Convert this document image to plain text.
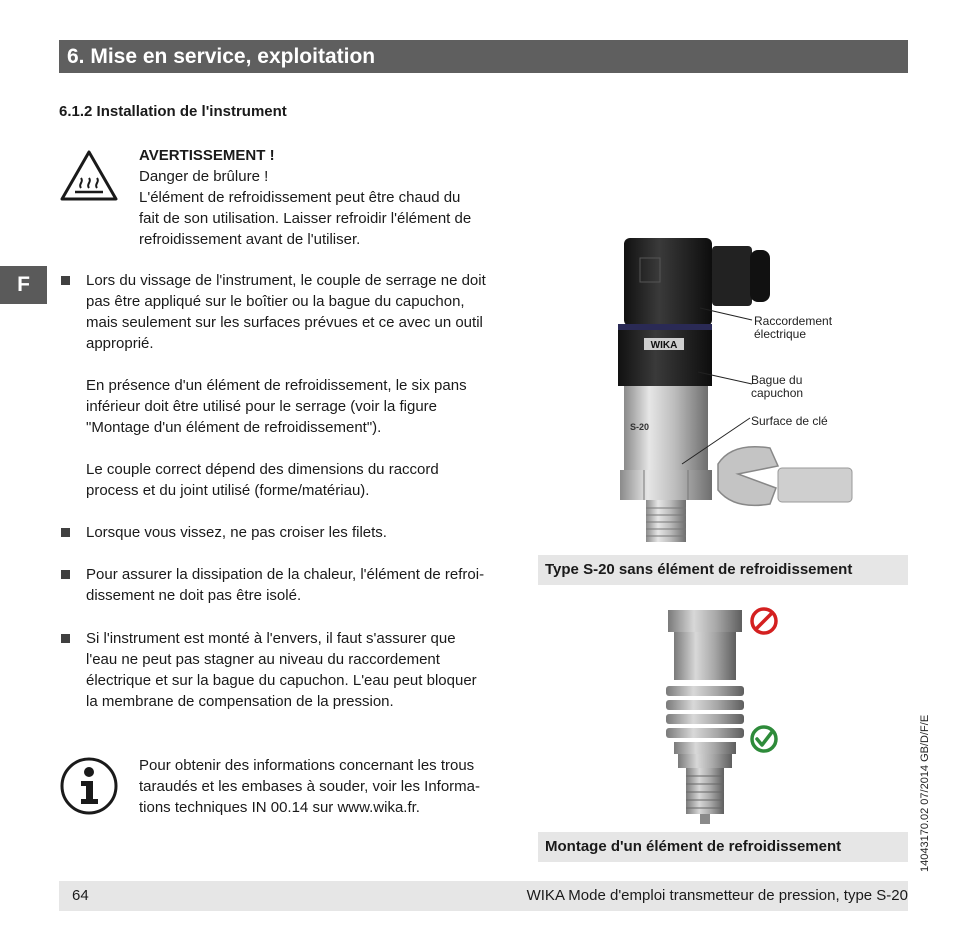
6. Mise en service, exploitation
6.1.2 Installation de l'instrument
F
AVERTISSEMENT !
Danger de brûlure !
L'élément de refroidissement peut être chaud du
fait de son utilisation. Laisser refroidir l'élément de
refroidissement avant de l'utiliser.
Lors du vissage de l'instrument, le couple de serrage ne doit
pas être appliqué sur le boîtier ou la bague du capuchon,
mais seulement sur les surfaces prévues et ce avec un outil
approprié.
En présence d'un élément de refroidissement, le six pans
inférieur doit être utilisé pour le serrage (voir la figure
"Montage d'un élément de refroidissement").
Le couple correct dépend des dimensions du raccord
process et du joint utilisé (forme/matériau).
Lorsque vous vissez, ne pas croiser les filets.
Pour assurer la dissipation de la chaleur, l'élément de refroi-
dissement ne doit pas être isolé.
Si l'instrument est monté à l'envers, il faut s'assurer que
l'eau ne peut pas stagner au niveau du raccordement
électrique et sur la bague du capuchon. L'eau peut bloquer
la membrane de compensation de la pression.
Pour obtenir des informations concernant les trous
taraudés et les embases à souder, voir les Informa-
tions techniques IN 00.14 sur www.wika.fr.
WIKA
S-20
Raccordement
électrique
Bague du
capuchon
Surface de clé
Type S-20 sans élément de refroidissement
Montage d'un élément de refroidissement	14043170.02 07/2014 GB/D/F/E
64	WIKA Mode d'emploi transmetteur de pression, type S-20
